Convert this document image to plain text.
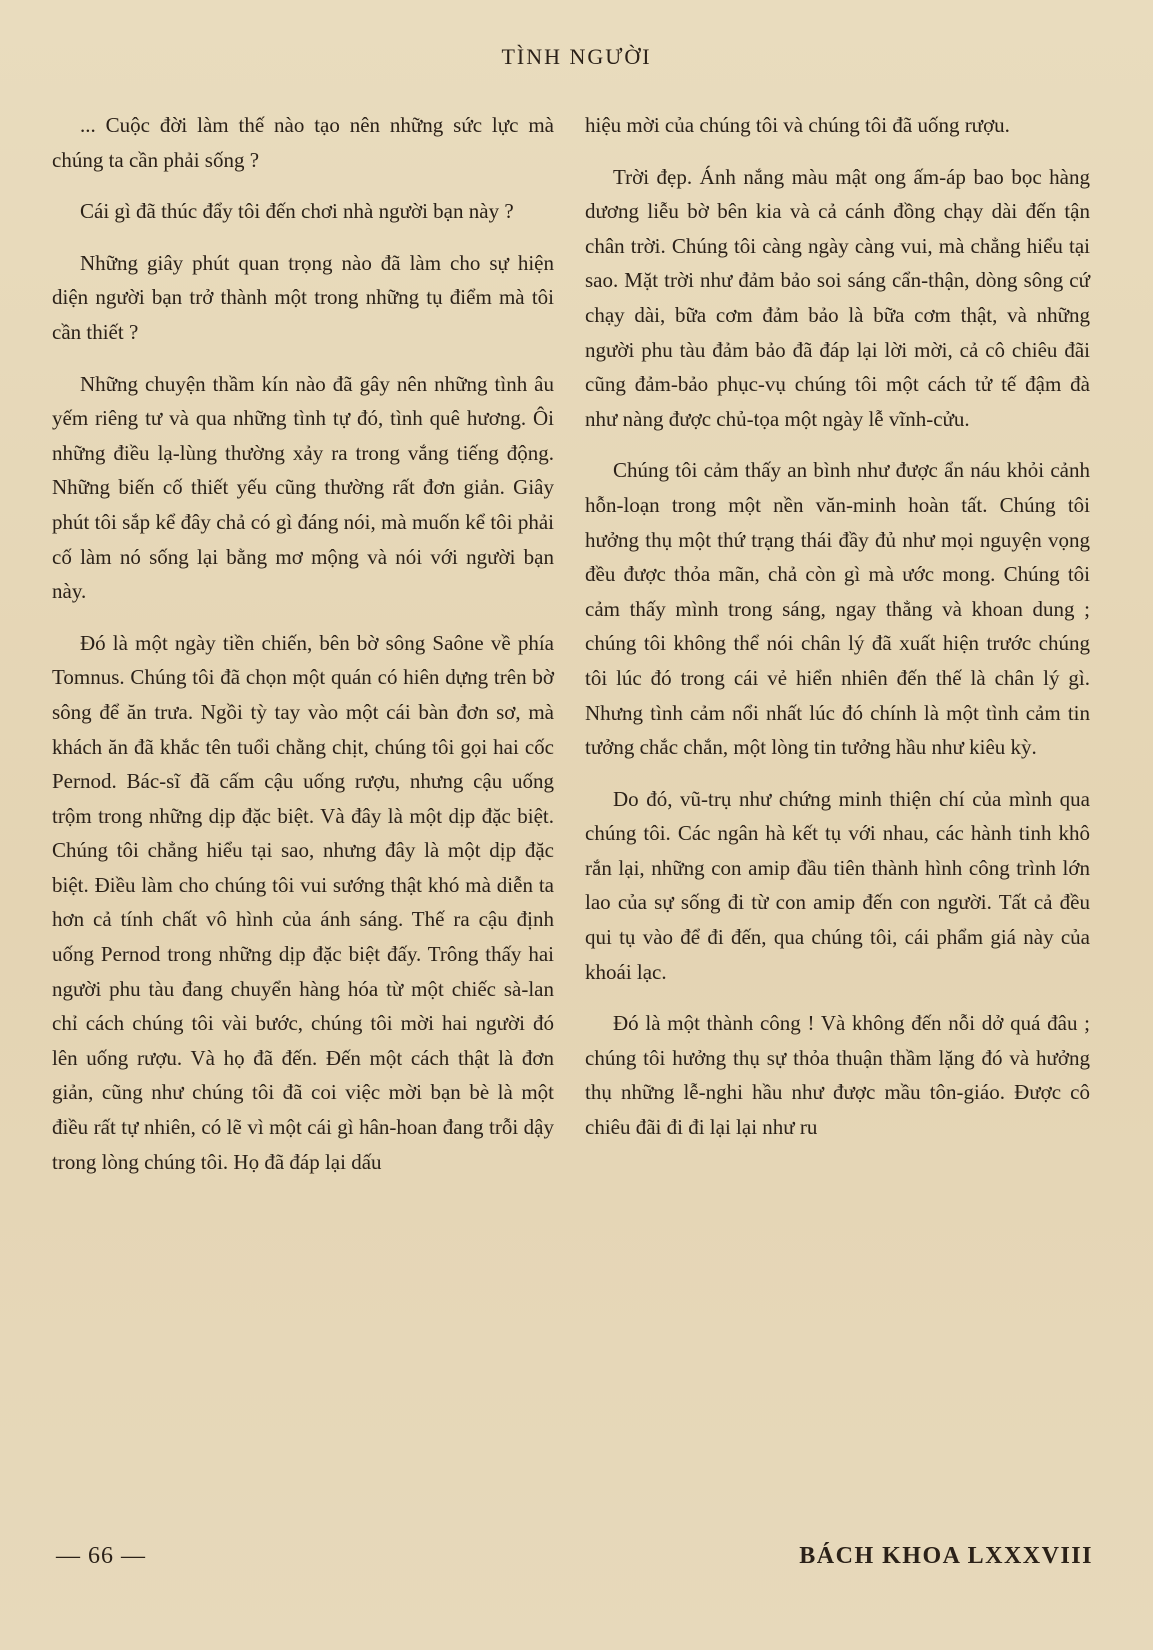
TÌNH NGƯỜI

... Cuộc đời làm thế nào tạo nên những sức lực mà chúng ta cần phải sống ?

Cái gì đã thúc đẩy tôi đến chơi nhà người bạn này ?

Những giây phút quan trọng nào đã làm cho sự hiện diện người bạn trở thành một trong những tụ điểm mà tôi cần thiết ?

Những chuyện thầm kín nào đã gây nên những tình âu yếm riêng tư và qua những tình tự đó, tình quê hương. Ôi những điều lạ-lùng thường xảy ra trong vắng tiếng động. Những biến cố thiết yếu cũng thường rất đơn giản. Giây phút tôi sắp kể đây chả có gì đáng nói, mà muốn kể tôi phải cố làm nó sống lại bằng mơ mộng và nói với người bạn này.

Đó là một ngày tiền chiến, bên bờ sông Saône về phía Tomnus. Chúng tôi đã chọn một quán có hiên dựng trên bờ sông để ăn trưa. Ngồi tỳ tay vào một cái bàn đơn sơ, mà khách ăn đã khắc tên tuổi chằng chịt, chúng tôi gọi hai cốc Pernod. Bác-sĩ đã cấm cậu uống rượu, nhưng cậu uống trộm trong những dịp đặc biệt. Và đây là một dịp đặc biệt. Chúng tôi chẳng hiểu tại sao, nhưng đây là một dịp đặc biệt. Điều làm cho chúng tôi vui sướng thật khó mà diễn ta hơn cả tính chất vô hình của ánh sáng. Thế ra cậu định uống Pernod trong những dịp đặc biệt đấy. Trông thấy hai người phu tàu đang chuyển hàng hóa từ một chiếc sà-lan chỉ cách chúng tôi vài bước, chúng tôi mời hai người đó lên uống rượu. Và họ đã đến. Đến một cách thật là đơn giản, cũng như chúng tôi đã coi việc mời bạn bè là một điều rất tự nhiên, có lẽ vì một cái gì hân-hoan đang trỗi dậy trong lòng chúng tôi. Họ đã đáp lại dấu

hiệu mời của chúng tôi và chúng tôi đã uống rượu.

Trời đẹp. Ánh nắng màu mật ong ấm-áp bao bọc hàng dương liễu bờ bên kia và cả cánh đồng chạy dài đến tận chân trời. Chúng tôi càng ngày càng vui, mà chẳng hiểu tại sao. Mặt trời như đảm bảo soi sáng cẩn-thận, dòng sông cứ chạy dài, bữa cơm đảm bảo là bữa cơm thật, và những người phu tàu đảm bảo đã đáp lại lời mời, cả cô chiêu đãi cũng đảm-bảo phục-vụ chúng tôi một cách tử tế đậm đà như nàng được chủ-tọa một ngày lễ vĩnh-cửu.

Chúng tôi cảm thấy an bình như được ẩn náu khỏi cảnh hỗn-loạn trong một nền văn-minh hoàn tất. Chúng tôi hưởng thụ một thứ trạng thái đầy đủ như mọi nguyện vọng đều được thỏa mãn, chả còn gì mà ước mong. Chúng tôi cảm thấy mình trong sáng, ngay thẳng và khoan dung ; chúng tôi không thể nói chân lý đã xuất hiện trước chúng tôi lúc đó trong cái vẻ hiển nhiên đến thế là chân lý gì. Nhưng tình cảm nổi nhất lúc đó chính là một tình cảm tin tưởng chắc chắn, một lòng tin tưởng hầu như kiêu kỳ.

Do đó, vũ-trụ như chứng minh thiện chí của mình qua chúng tôi. Các ngân hà kết tụ với nhau, các hành tinh khô rắn lại, những con amip đầu tiên thành hình công trình lớn lao của sự sống đi từ con amip đến con người. Tất cả đều qui tụ vào để đi đến, qua chúng tôi, cái phẩm giá này của khoái lạc.

Đó là một thành công ! Và không đến nỗi dở quá đâu ; chúng tôi hưởng thụ sự thỏa thuận thầm lặng đó và hưởng thụ những lễ-nghi hầu như được mầu tôn-giáo. Được cô chiêu đãi đi đi lại lại như ru

— 66 —	BÁCH KHOA LXXXVIII
